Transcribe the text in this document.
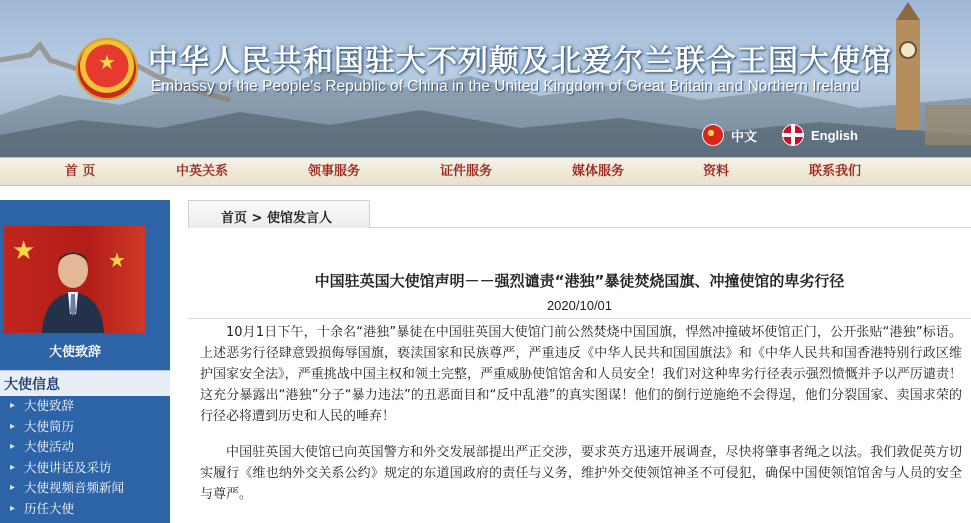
★	中华人民共和国驻大不列颠及北爱尔兰联合王国大使馆
Embassy of the People's Republic of China in the United Kingdom of Great Britain and Northern Ireland
中文	English
首 页	中英关系	领事服务	证件服务	媒体服务	资料	联系我们
★	★
大使致辞
大使信息
▸ 大使致辞
▸ 大使简历
▸ 大使活动
▸ 大使讲话及采访
▸ 大使视频音频新闻
▸ 历任大使
首页 > 使馆发言人
中国驻英国大使馆声明－－强烈谴责“港独”暴徒焚烧国旗、冲撞使馆的卑劣行径
2020/10/01
10月1日下午，十余名“港独”暴徒在中国驻英国大使馆门前公然焚烧中国国旗，悍然冲撞破坏使馆正门，公开张贴“港独”标语。上述恶劣行径肆意毁损侮辱国旗，亵渎国家和民族尊严，严重违反《中华人民共和国国旗法》和《中华人民共和国香港特别行政区维护国家安全法》，严重挑战中国主权和领土完整，严重威胁使馆馆舍和人员安全！我们对这种卑劣行径表示强烈愤慨并予以严厉谴责！这充分暴露出“港独”分子“暴力违法”的丑恶面目和“反中乱港”的真实图谋！他们的倒行逆施绝不会得逞，他们分裂国家、卖国求荣的行径必将遭到历史和人民的唾弃！
中国驻英国大使馆已向英国警方和外交发展部提出严正交涉，要求英方迅速开展调查，尽快将肇事者绳之以法。我们敦促英方切实履行《维也纳外交关系公约》规定的东道国政府的责任与义务，维护外交使领馆神圣不可侵犯，确保中国使领馆馆舍与人员的安全与尊严。
